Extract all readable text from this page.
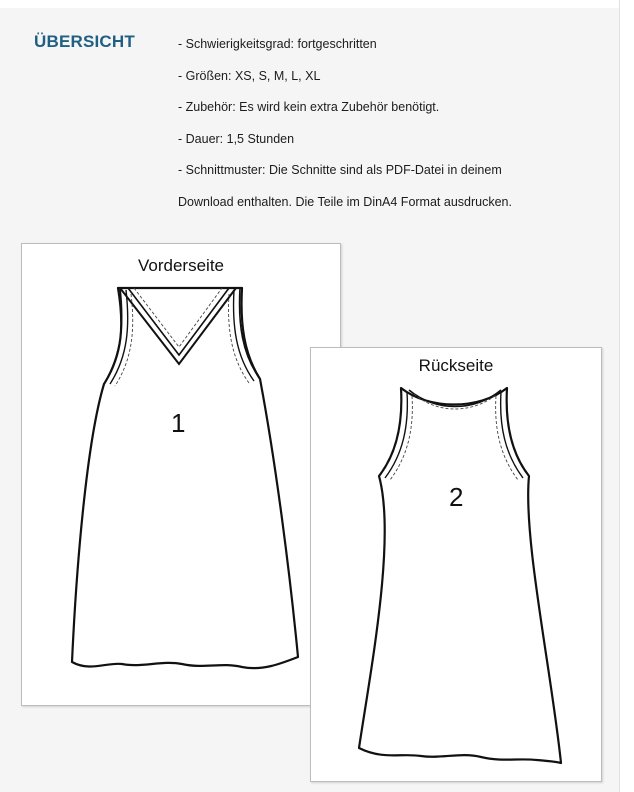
ÜBERSICHT	- Schwierigkeitsgrad: fortgeschritten
- Größen: XS, S, M, L, XL
- Zubehör: Es wird kein extra Zubehör benötigt.
- Dauer: 1,5 Stunden
- Schnittmuster: Die Schnitte sind als PDF-Datei in deinem
Download enthalten. Die Teile im DinA4 Format ausdrucken.
Vorderseite
1
Rückseite
2
